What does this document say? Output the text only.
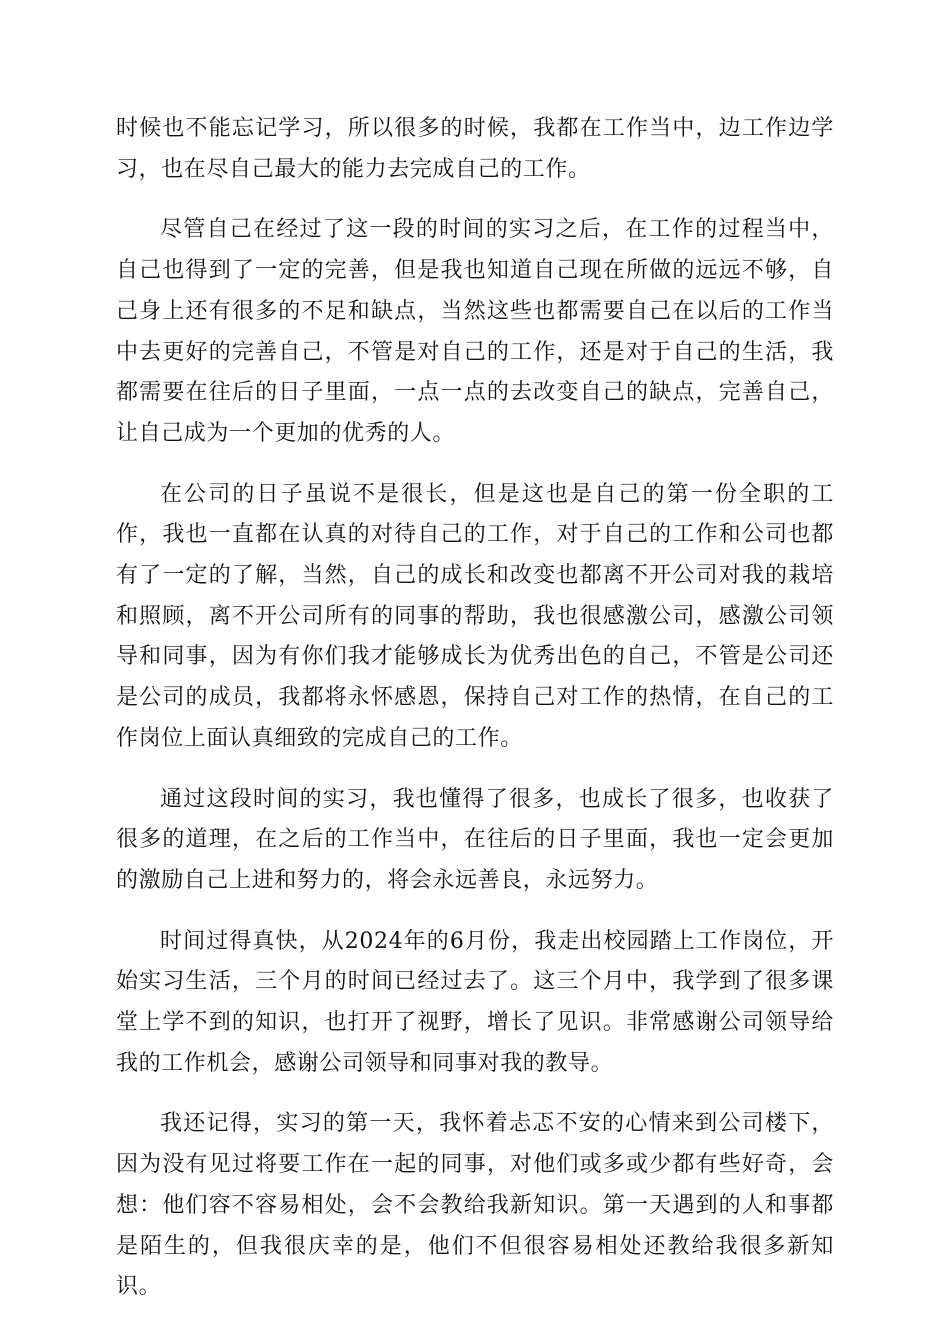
时候也不能忘记学习，所以很多的时候，我都在工作当中，边工作边学习，也在尽自己最大的能力去完成自己的工作。

尽管自己在经过了这一段的时间的实习之后，在工作的过程当中，自己也得到了一定的完善，但是我也知道自己现在所做的远远不够，自己身上还有很多的不足和缺点，当然这些也都需要自己在以后的工作当中去更好的完善自己，不管是对自己的工作，还是对于自己的生活，我都需要在往后的日子里面，一点一点的去改变自己的缺点，完善自己，让自己成为一个更加的优秀的人。

在公司的日子虽说不是很长，但是这也是自己的第一份全职的工作，我也一直都在认真的对待自己的工作，对于自己的工作和公司也都有了一定的了解，当然，自己的成长和改变也都离不开公司对我的栽培和照顾，离不开公司所有的同事的帮助，我也很感激公司，感激公司领导和同事，因为有你们我才能够成长为优秀出色的自己，不管是公司还是公司的成员，我都将永怀感恩，保持自己对工作的热情，在自己的工作岗位上面认真细致的完成自己的工作。

通过这段时间的实习，我也懂得了很多，也成长了很多，也收获了很多的道理，在之后的工作当中，在往后的日子里面，我也一定会更加的激励自己上进和努力的，将会永远善良，永远努力。

时间过得真快，从2024年的6月份，我走出校园踏上工作岗位，开始实习生活，三个月的时间已经过去了。这三个月中，我学到了很多课堂上学不到的知识，也打开了视野，增长了见识。非常感谢公司领导给我的工作机会，感谢公司领导和同事对我的教导。

我还记得，实习的第一天，我怀着忐忑不安的心情来到公司楼下，因为没有见过将要工作在一起的同事，对他们或多或少都有些好奇，会想：他们容不容易相处，会不会教给我新知识。第一天遇到的人和事都是陌生的，但我很庆幸的是，他们不但很容易相处还教给我很多新知识。
